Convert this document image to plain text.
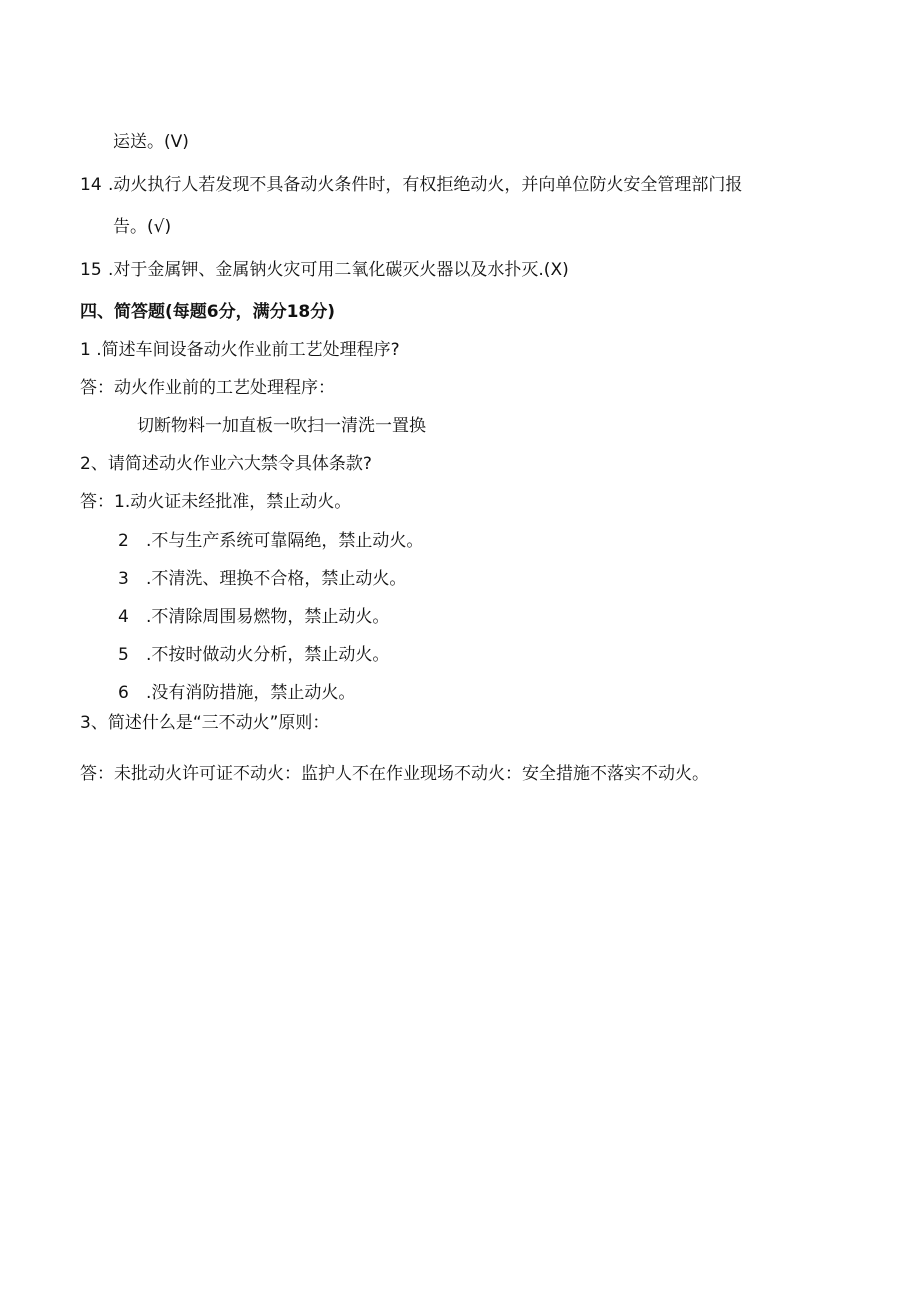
运送。(V)
14 .动火执行人若发现不具备动火条件时，有权拒绝动火，并向单位防火安全管理部门报
告。(√)
15 .对于金属钾、金属钠火灾可用二氧化碳灭火器以及水扑灭.(X)
四、简答题(每题6分，满分18分)
1 .简述车间设备动火作业前工艺处理程序?
答：动火作业前的工艺处理程序：
切断物料一加直板一吹扫一清洗一置换
2、请简述动火作业六大禁令具体条款?
答：1.动火证未经批准，禁止动火。
2 .不与生产系统可靠隔绝，禁止动火。
3 .不清洗、理换不合格，禁止动火。
4 .不清除周围易燃物，禁止动火。
5 .不按时做动火分析，禁止动火。
6 .没有消防措施，禁止动火。
3、简述什么是“三不动火”原则：
答：未批动火许可证不动火：监护人不在作业现场不动火：安全措施不落实不动火。
